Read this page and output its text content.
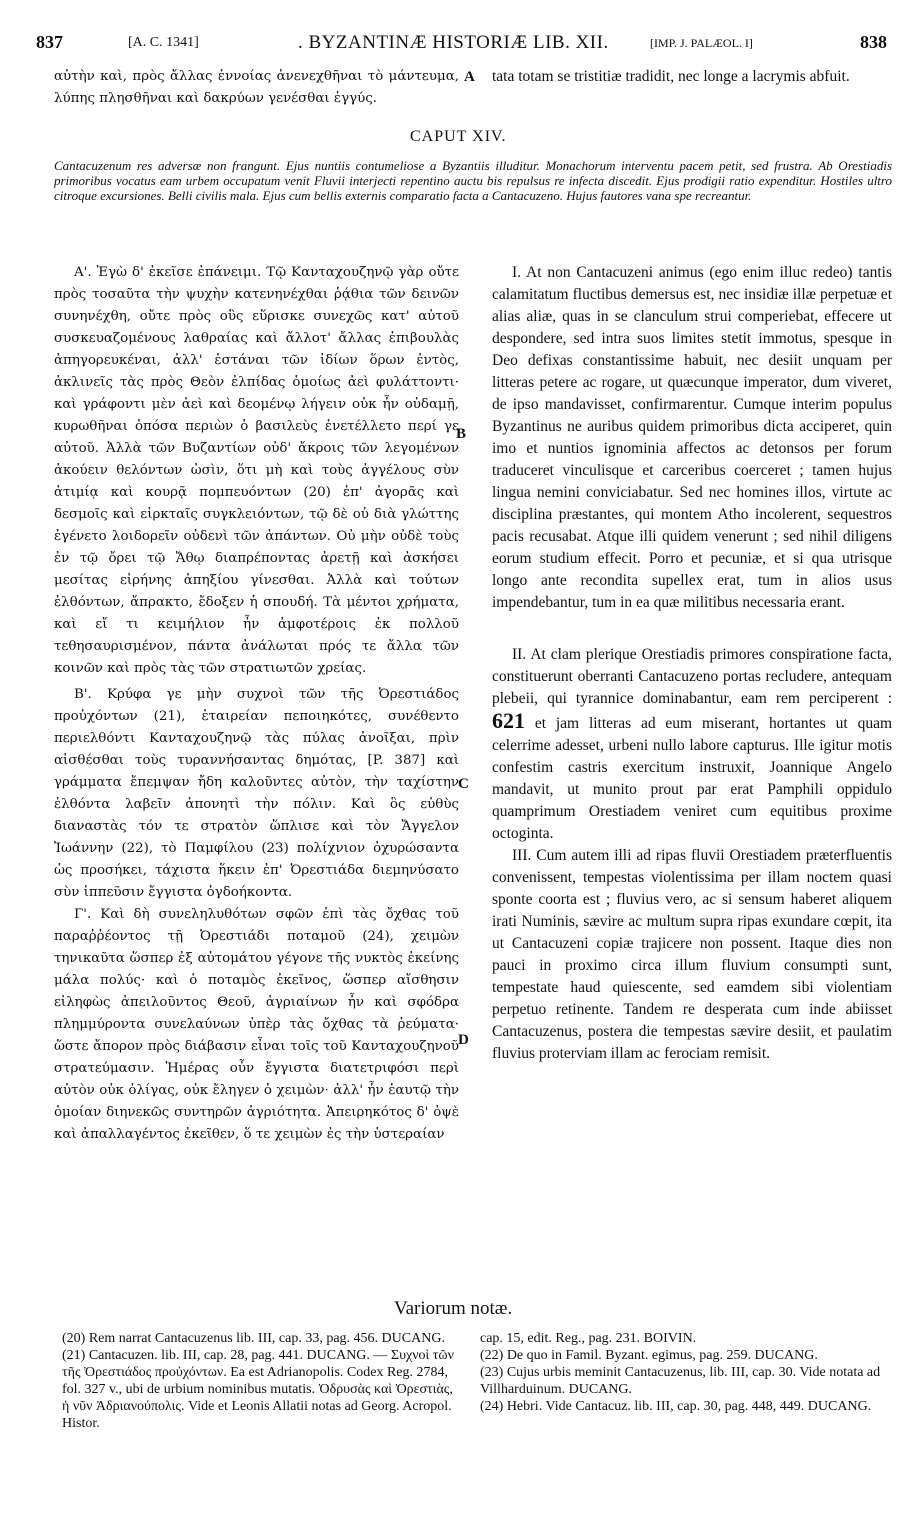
837	[A. C. 1341]	. BYZANTINÆ HISTORIÆ LIB. XII.	[IMP. J. PALÆOL. I]	838

αὐτὴν καὶ, πρὸς ἄλλας ἐννοίας ἀνενεχθῆναι τὸ μάντευμα, λύπης πλησθῆναι καὶ δακρύων γενέσθαι ἐγγύς.

A tata totam se tristitiæ tradidit, nec longe a lacrymis abfuit.

CAPUT XIV.
Cantacuzenum res adversæ non frangunt. Ejus nuntiis contumeliose a Byzantiis illuditur. Monachorum interventu pacem petit, sed frustra. Ab Orestiadis primoribus vocatus eam urbem occupatum venit Fluvii interjecti repentino auctu bis repulsus re infecta discedit. Ejus prodigii ratio expenditur. Hostiles ultro citroque excursiones. Belli civilis mala. Ejus cum bellis externis comparatio facta a Cantacuzeno. Hujus fautores vana spe recreantur.

Α'. Ἐγὼ δ' ἐκεῖσε ἐπάνειμι. Τῷ Κανταχουζηνῷ γὰρ οὔτε πρὸς τοσαῦτα τὴν ψυχὴν κατενηνέχθαι ῥᾴθια τῶν δεινῶν συνηνέχθη, οὔτε πρὸς οὓς εὕρισκε συνεχῶς κατ' αὐτοῦ συσκευαζομένους λαθραίας καὶ ἄλλοτ' ἄλλας ἐπιβουλὰς ἀπηγορευκέναι, ἀλλ' ἑστάναι τῶν ἰδίων ὅρων ἐντὸς, ἀκλινεῖς τὰς πρὸς Θεὸν ἐλπίδας ὁμοίως ἀεὶ φυλάττοντι· καὶ γράφοντι μὲν ἀεὶ καὶ δεομένῳ λήγειν οὐκ ἦν οὐδαμῇ, κυρωθῆναι ὁπόσα περιὼν ὁ βασιλεὺς ἐνετέλλετο περί γε αὐτοῦ. Ἀλλὰ τῶν Βυζαντίων οὐδ' ἄκροις τῶν λεγομένων ἀκούειν θελόντων ὠσὶν, ὅτι μὴ καὶ τοὺς ἀγγέλους σὺν ἀτιμίᾳ καὶ κουρᾷ πομπευόντων (20) ἐπ' ἀγορᾶς καὶ δεσμοῖς καὶ εἱρκταῖς συγκλειόντων, τῷ δὲ οὐ διὰ γλώττης ἐγένετο λοιδορεῖν οὐδενὶ τῶν ἁπάντων. Οὐ μὴν οὐδὲ τοὺς ἐν τῷ ὄρει τῷ Ἄθῳ διαπρέποντας ἀρετῇ καὶ ἀσκήσει μεσίτας εἰρήνης ἀπηξίου γίνεσθαι. Ἀλλὰ καὶ τούτων ἐλθόντων, ἄπρακτο, ἔδοξεν ἡ σπουδή. Τὰ μέντοι χρήματα, καὶ εἴ τι κειμήλιον ἦν ἀμφοτέροις ἐκ πολλοῦ τεθησαυρισμένον, πάντα ἀνάλωται πρός τε ἄλλα τῶν κοινῶν καὶ πρὸς τὰς τῶν στρατιωτῶν χρείας.

Β'. Κρύφα γε μὴν συχνοὶ τῶν τῆς Ὀρεστιάδος προὐχόντων (21), ἑταιρείαν πεποιηκότες, συνέθεντο περιελθόντι Κανταχουζηνῷ τὰς πύλας ἀνοῖξαι, πρὶν αἰσθέσθαι τοὺς τυραννήσαντας δημότας, [P. 387] καὶ γράμματα ἔπεμψαν ἤδη καλοῦντες αὐτὸν, τὴν ταχίστην ἐλθόντα λαβεῖν ἀπονητὶ τὴν πόλιν. Καὶ ὃς εὐθὺς διαναστὰς τόν τε στρατὸν ὥπλισε καὶ τὸν Ἄγγελον Ἰωάννην (22), τὸ Παμφίλου (23) πολίχνιον ὀχυρώσαντα ὡς προσήκει, τάχιστα ἥκειν ἐπ' Ὀρεστιάδα διεμηνύσατο σὺν ἱππεῦσιν ἔγγιστα ὀγδοήκοντα.

Γ'. Καὶ δὴ συνεληλυθότων σφῶν ἐπὶ τὰς ὄχθας τοῦ παραῤῥέοντος τῇ Ὀρεστιάδι ποταμοῦ (24), χειμὼν τηνικαῦτα ὥσπερ ἐξ αὐτομάτου γέγονε τῆς νυκτὸς ἐκείνης μάλα πολύς· καὶ ὁ ποταμὸς ἐκεῖνος, ὥσπερ αἴσθησιν εἰληφὼς ἀπειλοῦντος Θεοῦ, ἀγριαίνων ἦν καὶ σφόδρα πλημμύροντα συνελαύνων ὑπὲρ τὰς ὄχθας τὰ ῥεύματα· ὥστε ἄπορον πρὸς διάβασιν εἶναι τοῖς τοῦ Κανταχουζηνοῦ στρατεύμασιν. Ἡμέρας οὖν ἔγγιστα διατετριφόσι περὶ αὐτὸν οὐκ ὀλίγας, οὐκ ἔληγεν ὁ χειμὼν· ἀλλ' ἦν ἑαυτῷ τὴν ὁμοίαν διηνεκῶς συντηρῶν ἀγριότητα. Ἀπειρηκότος δ' ὀψὲ καὶ ἀπαλλαγέντος ἐκεῖθεν, ὅ τε χειμὼν ἐς τὴν ὑστεραίαν

B
C
D

I. At non Cantacuzeni animus (ego enim illuc redeo) tantis calamitatum fluctibus demersus est, nec insidiæ illæ perpetuæ et alias aliæ, quas in se clanculum strui comperiebat, effecere ut despondere, sed intra suos limites stetit immotus, spesque in Deo defixas constantissime habuit, nec desiit unquam per litteras petere ac rogare, ut quæcunque imperator, dum viveret, de ipso mandavisset, confirmarentur. Cumque interim populus Byzantinus ne auribus quidem primoribus dicta acciperet, quin imo et nuntios ignominia affectos ac detonsos per forum traduceret vinculisque et carceribus coerceret ; tamen hujus lingua nemini conviciabatur. Sed nec homines illos, virtute ac disciplina præstantes, qui montem Atho incolerent, sequestros pacis recusabat. Atque illi quidem venerunt ; sed nihil diligens eorum studium effecit. Porro et pecuniæ, et si qua utrisque longo ante recondita supellex erat, tum in alios usus impendebantur, tum in ea quæ militibus necessaria erant.

II. At clam plerique Orestiadis primores conspiratione facta, constituerunt oberranti Cantacuzeno portas recludere, antequam plebeii, qui tyrannice dominabantur, eam rem perciperent : 621 et jam litteras ad eum miserant, hortantes ut quam celerrime adesset, urbeni nullo labore capturus. Ille igitur motis confestim castris exercitum instruxit, Joannique Angelo mandavit, ut munito prout par erat Pamphili oppidulo quamprimum Orestiadem veniret cum equitibus proxime octoginta.

III. Cum autem illi ad ripas fluvii Orestiadem præterfluentis convenissent, tempestas violentissima per illam noctem quasi sponte coorta est ; fluvius vero, ac si sensum haberet aliquem irati Numinis, sævire ac multum supra ripas exundare cœpit, ita ut Cantacuzeni copiæ trajicere non possent. Itaque dies non pauci in proximo circa illum fluvium consumpti sunt, tempestate haud quiescente, sed eamdem sibi violentiam perpetuo retinente. Tandem re desperata cum inde abiisset Cantacuzenus, postera die tempestas sævire desiit, et paulatim fluvius proterviam illam ac ferociam remisit.

Variorum notæ.

(20) Rem narrat Cantacuzenus lib. III, cap. 33, pag. 456. DUCANG.

(21) Cantacuzen. lib. III, cap. 28, pag. 441. DUCANG. — Συχνοὶ τῶν τῆς Ὀρεστιάδος προὐχόντων. Ea est Adrianopolis. Codex Reg. 2784, fol. 327 v., ubi de urbium nominibus mutatis. Ὀδρυσὰς καὶ Ὀρεστιὰς, ἡ νῦν Ἀδριανούπολις. Vide et Leonis Allatii notas ad Georg. Acropol. Histor.

cap. 15, edit. Reg., pag. 231. BOIVIN.

(22) De quo in Famil. Byzant. egimus, pag. 259. DUCANG.

(23) Cujus urbis meminit Cantacuzenus, lib. III, cap. 30. Vide notata ad Villharduinum. DUCANG.

(24) Hebri. Vide Cantacuz. lib. III, cap. 30, pag. 448, 449. DUCANG.
